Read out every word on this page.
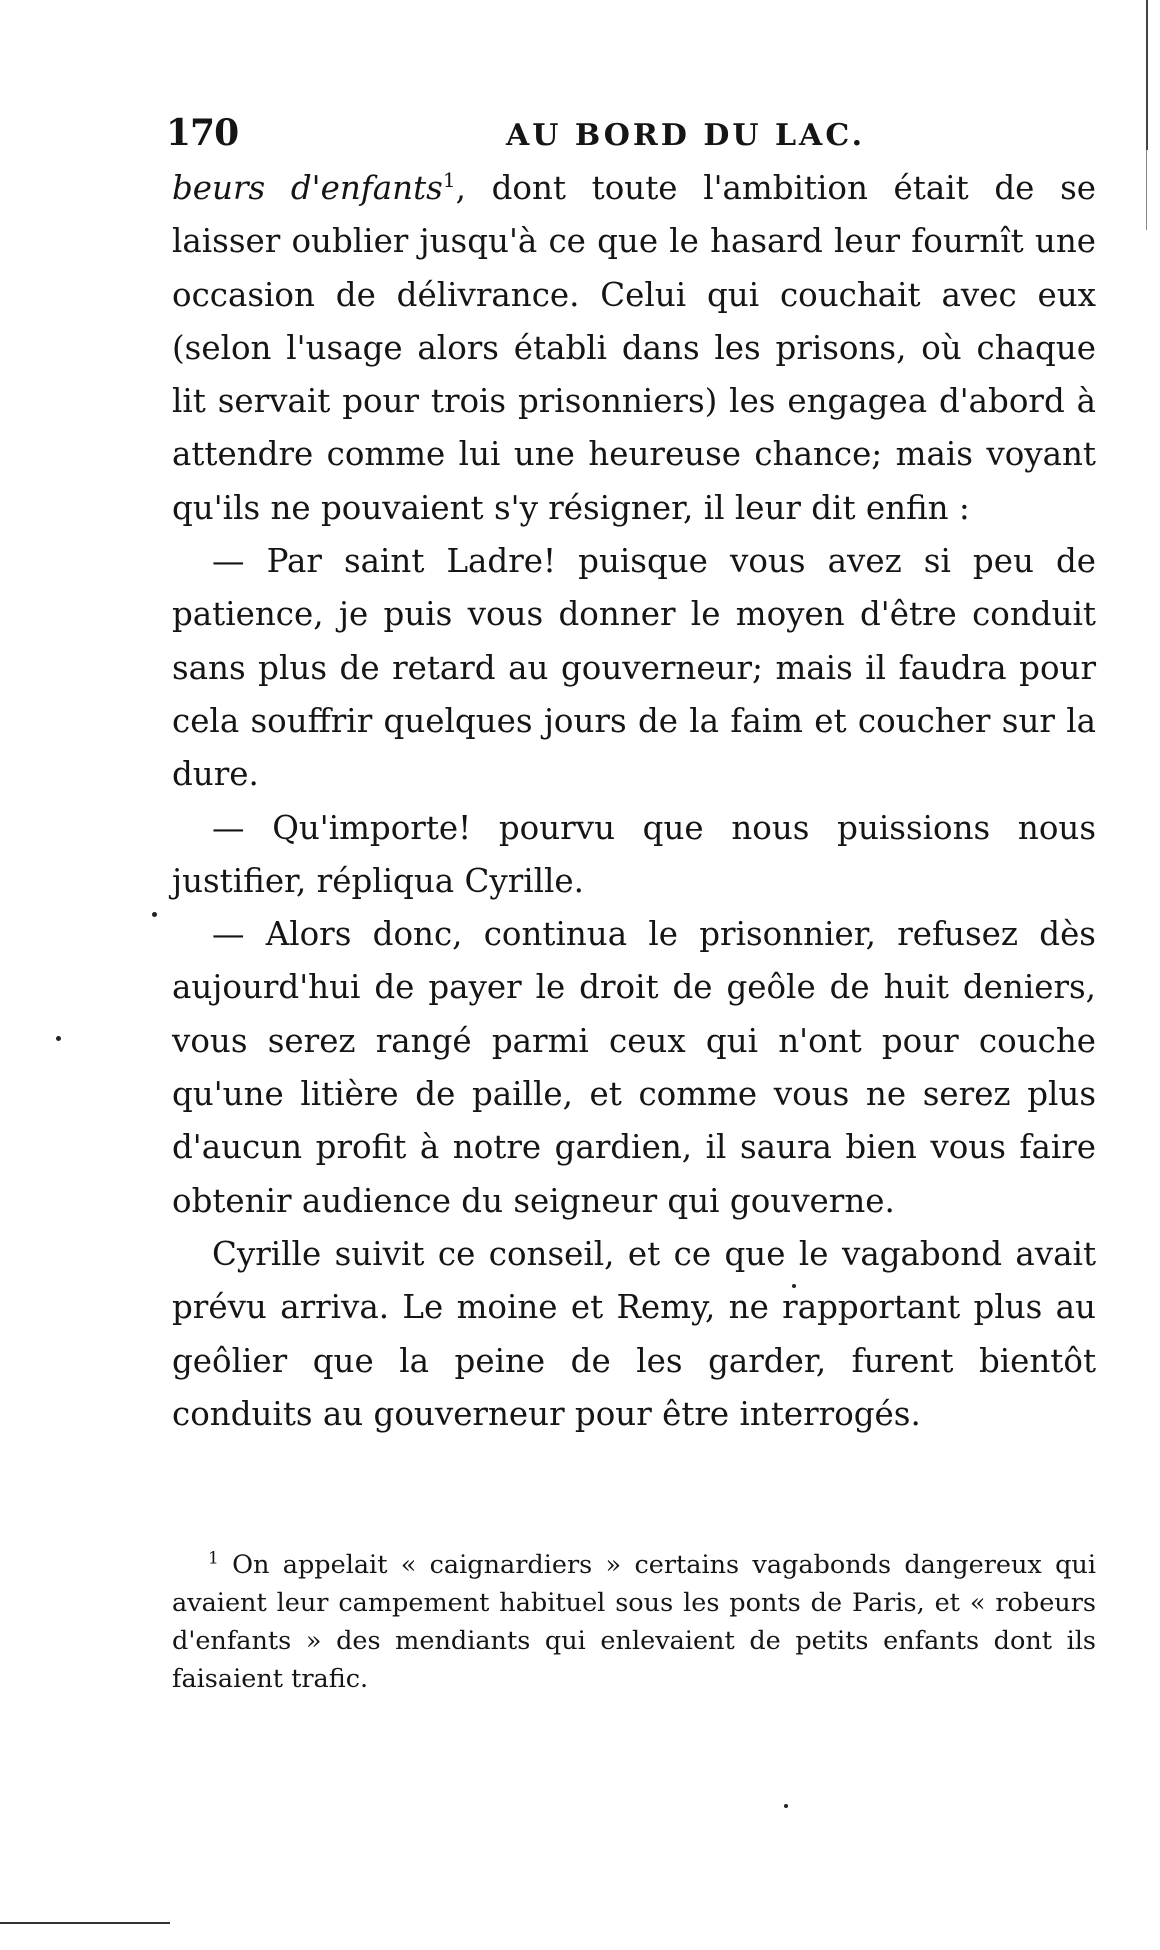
170	AU BORD DU LAC.

beurs d'enfants$^1$, dont toute l'ambition était de se laisser oublier jusqu'à ce que le hasard leur fournît une occasion de délivrance. Celui qui couchait avec eux (selon l'usage alors établi dans les prisons, où chaque lit servait pour trois prisonniers) les engagea d'abord à attendre comme lui une heureuse chance; mais voyant qu'ils ne pouvaient s'y résigner, il leur dit enfin :

— Par saint Ladre! puisque vous avez si peu de patience, je puis vous donner le moyen d'être conduit sans plus de retard au gouverneur; mais il faudra pour cela souffrir quelques jours de la faim et coucher sur la dure.

— Qu'importe! pourvu que nous puissions nous justifier, répliqua Cyrille.

— Alors donc, continua le prisonnier, refusez dès aujourd'hui de payer le droit de geôle de huit deniers, vous serez rangé parmi ceux qui n'ont pour couche qu'une litière de paille, et comme vous ne serez plus d'aucun profit à notre gardien, il saura bien vous faire obtenir audience du seigneur qui gouverne.

Cyrille suivit ce conseil, et ce que le vagabond avait prévu arriva. Le moine et Remy, ne rapportant plus au geôlier que la peine de les garder, furent bientôt conduits au gouverneur pour être interrogés.

$^1$ On appelait « caignardiers » certains vagabonds dangereux qui avaient leur campement habituel sous les ponts de Paris, et « robeurs d'enfants » des mendiants qui enlevaient de petits enfants dont ils faisaient trafic.
